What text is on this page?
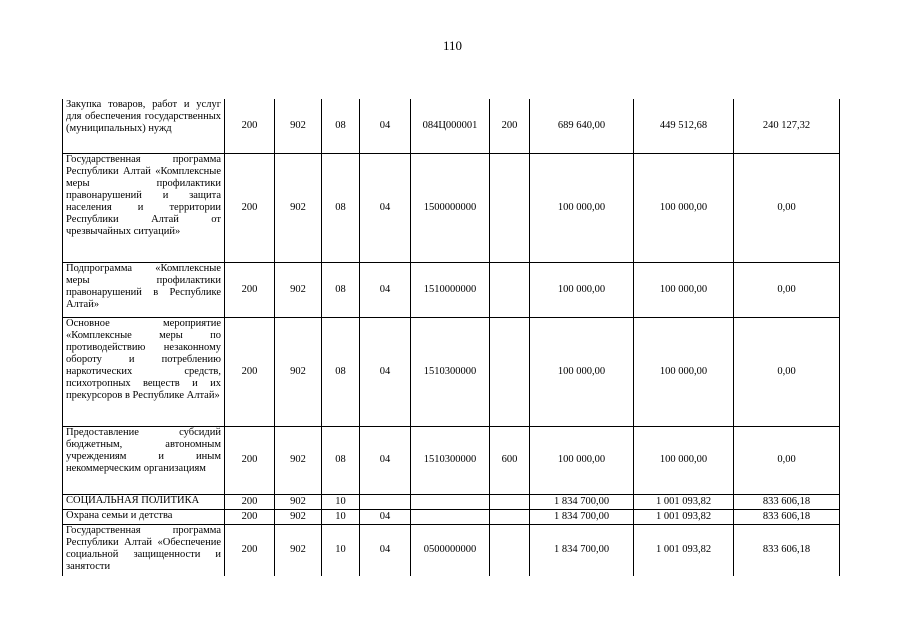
110
Закупка товаров, работ и услуг для обеспечения государственных (муниципальных) нужд	200	902	08	04	084Ц000001	200	689 640,00	449 512,68	240 127,32
Государственная программа Республики Алтай «Комплексные меры профилактики правонарушений и защита населения и территории Республики Алтай от чрезвычайных ситуаций»	200	902	08	04	1500000000		100 000,00	100 000,00	0,00
Подпрограмма «Комплексные меры профилактики правонарушений в Республике Алтай»	200	902	08	04	1510000000		100 000,00	100 000,00	0,00
Основное мероприятие «Комплексные меры по противодействию незаконному обороту и потреблению наркотических средств, психотропных веществ и их прекурсоров в Республике Алтай»	200	902	08	04	1510300000		100 000,00	100 000,00	0,00
Предоставление субсидий бюджетным, автономным учреждениям и иным некоммерческим организациям	200	902	08	04	1510300000	600	100 000,00	100 000,00	0,00
СОЦИАЛЬНАЯ ПОЛИТИКА	200	902	10				1 834 700,00	1 001 093,82	833 606,18
Охрана семьи и детства	200	902	10	04			1 834 700,00	1 001 093,82	833 606,18
Государственная программа Республики Алтай «Обеспечение социальной защищенности и занятости	200	902	10	04	0500000000		1 834 700,00	1 001 093,82	833 606,18
